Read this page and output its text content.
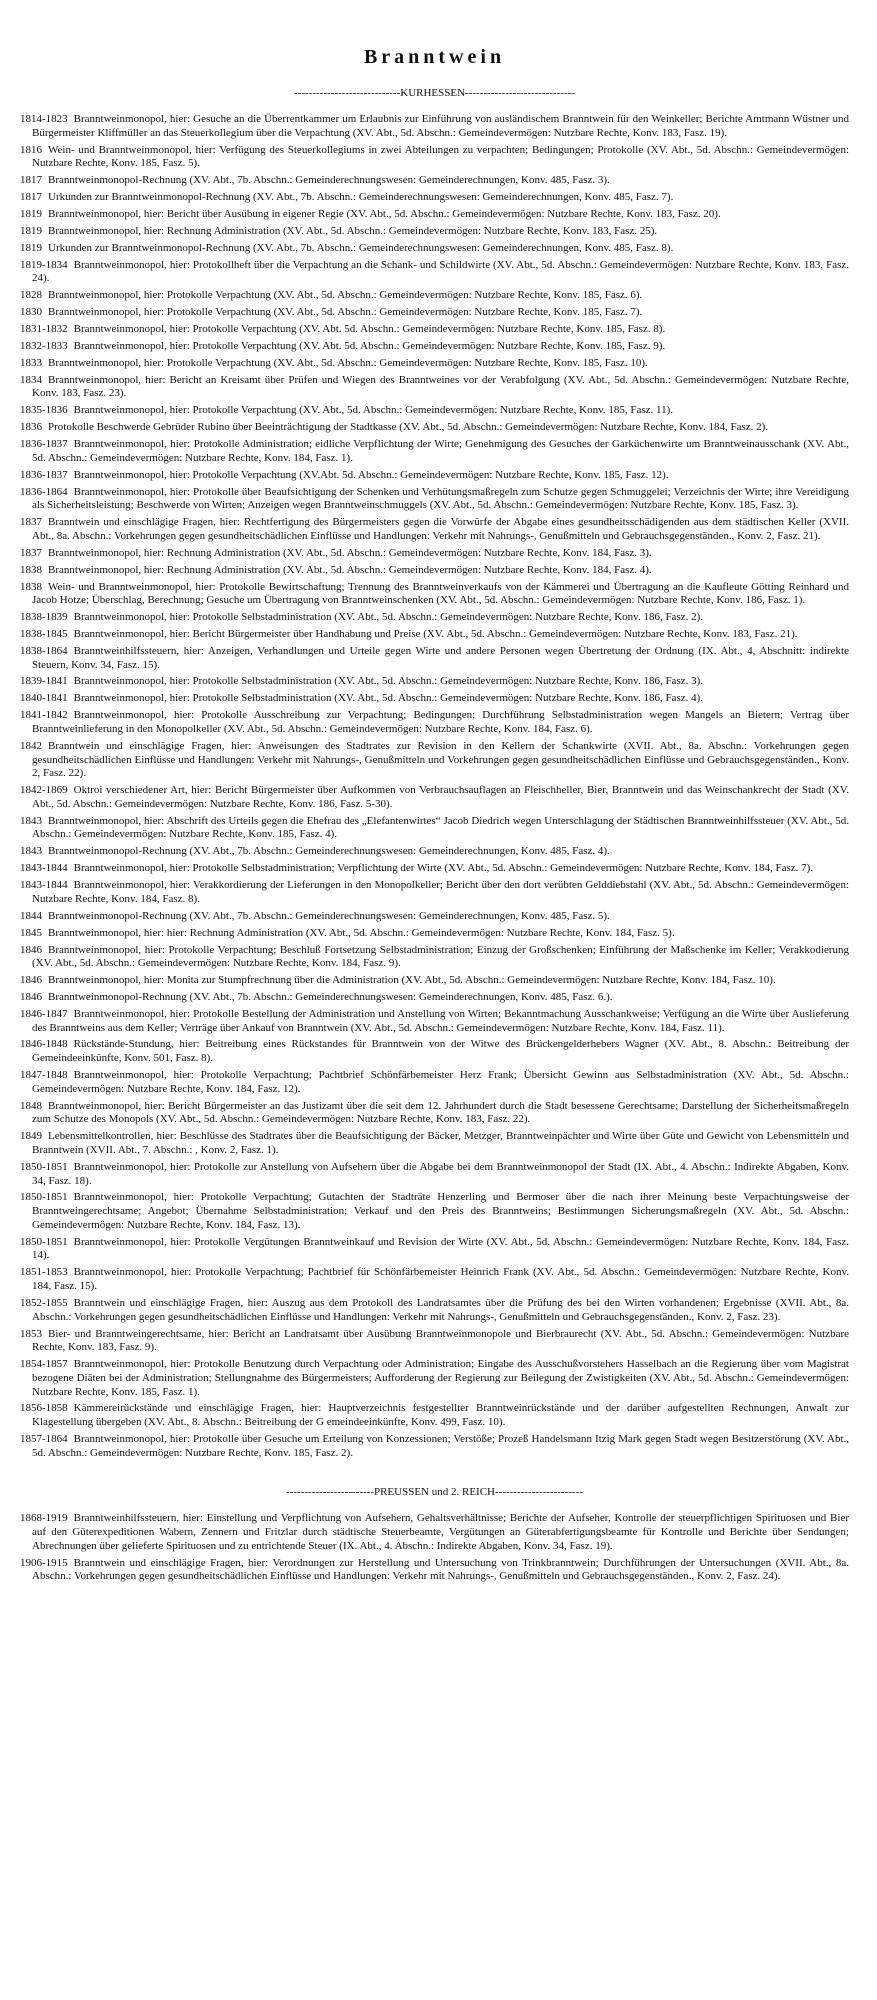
Branntwein
-----------------------------KURHESSEN------------------------------

1814-1823 Branntweinmonopol, hier: Gesuche an die Überrentkammer um Erlaubnis zur Einführung von ausländischem Branntwein für den Weinkeller; Berichte Amtmann Wüstner und Bürgermeister Kliffmüller an das Steuerkollegium über die Verpachtung (XV. Abt., 5d. Abschn.: Gemeindevermögen: Nutzbare Rechte, Konv. 183, Fasz. 19).

1816 Wein- und Branntweinmonopol, hier: Verfügung des Steuerkollegiums in zwei Abteilungen zu verpachten; Bedingungen; Protokolle (XV. Abt., 5d. Abschn.: Gemeindevermögen: Nutzbare Rechte, Konv. 185, Fasz. 5).

1817 Branntweinmonopol-Rechnung (XV. Abt., 7b. Abschn.: Gemeinderechnungswesen: Gemeinderechnungen, Konv. 485, Fasz. 3).

1817 Urkunden zur Branntweinmonopol-Rechnung (XV. Abt., 7b. Abschn.: Gemeinderechnungswesen: Gemeinderechnungen, Konv. 485, Fasz. 7).

1819 Branntweinmonopol, hier: Bericht über Ausübung in eigener Regie (XV. Abt., 5d. Abschn.: Gemeindevermögen: Nutzbare Rechte, Konv. 183, Fasz. 20).

1819 Branntweinmonopol, hier: Rechnung Administration (XV. Abt., 5d. Abschn.: Gemeindevermögen: Nutzbare Rechte, Konv. 183, Fasz. 25).

1819 Urkunden zur Branntweinmonopol-Rechnung (XV. Abt., 7b. Abschn.: Gemeinderechnungswesen: Gemeinderechnungen, Konv. 485, Fasz. 8).

1819-1834 Branntweinmonopol, hier: Protokollheft über die Verpachtung an die Schank- und Schildwirte (XV. Abt., 5d. Abschn.: Gemeindevermögen: Nutzbare Rechte, Konv. 183, Fasz. 24).

1828 Branntweinmonopol, hier: Protokolle Verpachtung (XV. Abt., 5d. Abschn.: Gemeindevermögen: Nutzbare Rechte, Konv. 185, Fasz. 6).

1830 Branntweinmonopol, hier: Protokolle Verpachtung (XV. Abt., 5d. Abschn.: Gemeindevermögen: Nutzbare Rechte, Konv. 185, Fasz. 7).

1831-1832 Branntweinmonopol, hier: Protokolle Verpachtung (XV. Abt. 5d. Abschn.: Gemeindevermögen: Nutzbare Rechte, Konv. 185, Fasz. 8).

1832-1833 Branntweinmonopol, hier: Protokolle Verpachtung (XV. Abt. 5d. Abschn.: Gemeindevermögen: Nutzbare Rechte, Konv. 185, Fasz. 9).

1833 Branntweinmonopol, hier: Protokolle Verpachtung (XV. Abt., 5d. Abschn.: Gemeindevermögen: Nutzbare Rechte, Konv. 185, Fasz. 10).

1834 Branntweinmonopol, hier: Bericht an Kreisamt über Prüfen und Wiegen des Branntweines vor der Verabfolgung (XV. Abt., 5d. Abschn.: Gemeindevermögen: Nutzbare Rechte, Konv. 183, Fasz. 23).

1835-1836 Branntweinmonopol, hier: Protokolle Verpachtung (XV. Abt., 5d. Abschn.: Gemeindevermögen: Nutzbare Rechte, Konv. 185, Fasz. 11).

1836 Protokolle Beschwerde Gebrüder Rubino über Beeinträchtigung der Stadtkasse (XV. Abt., 5d. Abschn.: Gemeindevermögen: Nutzbare Rechte, Konv. 184, Fasz. 2).

1836-1837 Branntweinmonopol, hier: Protokolle Administration; eidliche Verpflichtung der Wirte; Genehmigung des Gesuches der Garküchenwirte um Branntweinausschank (XV. Abt., 5d. Abschn.: Gemeindevermögen: Nutzbare Rechte, Konv. 184, Fasz. 1).

1836-1837 Branntweinmonopol, hier: Protokolle Verpachtung (XV.Abt. 5d. Abschn.: Gemeindevermögen: Nutzbare Rechte, Konv. 185, Fasz. 12).

1836-1864 Branntweinmonopol, hier: Protokolle über Beaufsichtigung der Schenken und Verhütungsmaßregeln zum Schutze gegen Schmuggelei; Verzeichnis der Wirte; ihre Vereidigung als Sicherheitsleistung; Beschwerde von Wirten; Anzeigen wegen Branntweinschmuggels (XV. Abt., 5d. Abschn.: Gemeindevermögen: Nutzbare Rechte, Konv. 185, Fasz. 3).

1837 Branntwein und einschlägige Fragen, hier: Rechtfertigung des Bürgermeisters gegen die Vorwürfe der Abgabe eines gesundheitsschädigenden aus dem städtischen Keller (XVII. Abt., 8a. Abschn.: Vorkehrungen gegen gesundheitschädlichen Einflüsse und Handlungen: Verkehr mit Nahrungs-, Genußmitteln und Gebrauchsgegenständen., Konv. 2, Fasz. 21).

1837 Branntweinmonopol, hier: Rechnung Administration (XV. Abt., 5d. Abschn.: Gemeindevermögen: Nutzbare Rechte, Konv. 184, Fasz. 3).

1838 Branntweinmonopol, hier: Rechnung Administration (XV. Abt., 5d. Abschn.: Gemeindevermögen: Nutzbare Rechte, Konv. 184, Fasz. 4).

1838 Wein- und Branntweinmonopol, hier: Protokolle Bewirtschaftung; Trennung des Branntweinverkaufs von der Kämmerei und Übertragung an die Kaufleute Götting Reinhard und Jacob Hotze; Überschlag, Berechnung; Gesuche um Übertragung von Branntweinschenken (XV. Abt., 5d. Abschn.: Gemeindevermögen: Nutzbare Rechte, Konv. 186, Fasz. 1).

1838-1839 Branntweinmonopol, hier: Protokolle Selbstadministration (XV. Abt., 5d. Abschn.: Gemeindevermögen: Nutzbare Rechte, Konv. 186, Fasz. 2).

1838-1845 Branntweinmonopol, hier: Bericht Bürgermeister über Handhabung und Preise (XV. Abt., 5d. Abschn.: Gemeindevermögen: Nutzbare Rechte, Konv. 183, Fasz. 21).

1838-1864 Branntweinhilfssteuern, hier: Anzeigen, Verhandlungen und Urteile gegen Wirte und andere Personen wegen Übertretung der Ordnung (IX. Abt., 4, Abschnitt: indirekte Steuern, Konv. 34, Fasz. 15).

1839-1841 Branntweinmonopol, hier: Protokolle Selbstadministration (XV. Abt., 5d. Abschn.: Gemeindevermögen: Nutzbare Rechte, Konv. 186, Fasz. 3).

1840-1841 Branntweinmonopol, hier: Protokolle Selbstadministration (XV. Abt., 5d. Abschn.: Gemeindevermögen: Nutzbare Rechte, Konv. 186, Fasz. 4).

1841-1842 Branntweinmonopol, hier: Protokolle Ausschreibung zur Verpachtung; Bedingungen; Durchführung Selbstadministration wegen Mangels an Bietern; Vertrag über Branntweinlieferung in den Monopolkeller (XV. Abt., 5d. Abschn.: Gemeindevermögen: Nutzbare Rechte, Konv. 184, Fasz. 6).

1842 Branntwein und einschlägige Fragen, hier: Anweisungen des Stadtrates zur Revision in den Kellern der Schankwirte (XVII. Abt., 8a. Abschn.: Vorkehrungen gegen gesundheitschädlichen Einflüsse und Handlungen: Verkehr mit Nahrungs-, Genußmitteln und Vorkehrungen gegen gesundheitschädlichen Einflüsse und Gebrauchsgegenständen., Konv. 2, Fasz. 22).

1842-1869 Oktroi verschiedener Art, hier: Bericht Bürgermeister über Aufkommen von Verbrauchsauflagen an Fleischheller, Bier, Branntwein und das Weinschankrecht der Stadt (XV. Abt., 5d. Abschn.: Gemeindevermögen: Nutzbare Rechte, Konv. 186, Fasz. 5-30).

1843 Branntweinmonopol, hier: Abschrift des Urteils gegen die Ehefrau des „Elefantenwirtes“ Jacob Diedrich wegen Unterschlagung der Städtischen Branntweinhilfssteuer (XV. Abt., 5d. Abschn.: Gemeindevermögen: Nutzbare Rechte, Konv. 185, Fasz. 4).

1843 Branntweinmonopol-Rechnung (XV. Abt., 7b. Abschn.: Gemeinderechnungswesen: Gemeinderechnungen, Konv. 485, Fasz. 4).

1843-1844 Branntweinmonopol, hier: Protokolle Selbstadministration; Verpflichtung der Wirte (XV. Abt., 5d. Abschn.: Gemeindevermögen: Nutzbare Rechte, Konv. 184, Fasz. 7).

1843-1844 Branntweinmonopol, hier: Verakkordierung der Lieferungen in den Monopolkeller; Bericht über den dort verübten Gelddiebstahl (XV. Abt., 5d. Abschn.: Gemeindevermögen: Nutzbare Rechte, Konv. 184, Fasz. 8).

1844 Branntweinmonopol-Rechnung (XV. Abt., 7b. Abschn.: Gemeinderechnungswesen: Gemeinderechnungen, Konv. 485, Fasz. 5).

1845 Branntweinmonopol, hier: hier: Rechnung Administration (XV. Abt., 5d. Abschn.: Gemeindevermögen: Nutzbare Rechte, Konv. 184, Fasz. 5).

1846 Branntweinmonopol, hier: Protokolle Verpachtung; Beschluß Fortsetzung Selbstadministration; Einzug der Großschenken; Einführung der Maßschenke im Keller; Verakkodierung (XV. Abt., 5d. Abschn.: Gemeindevermögen: Nutzbare Rechte, Konv. 184, Fasz. 9).

1846 Branntweinmonopol, hier: Monita zur Stumpfrechnung über die Administration (XV. Abt., 5d. Abschn.: Gemeindevermögen: Nutzbare Rechte, Konv. 184, Fasz. 10).

1846 Branntweinmonopol-Rechnung (XV. Abt., 7b. Abschn.: Gemeinderechnungswesen: Gemeinderechnungen, Konv. 485, Fasz. 6.).

1846-1847 Branntweinmonopol, hier: Protokolle Bestellung der Administration und Anstellung von Wirten; Bekanntmachung Ausschankweise; Verfügung an die Wirte über Auslieferung des Branntweins aus dem Keller; Verträge über Ankauf von Branntwein (XV. Abt., 5d. Abschn.: Gemeindevermögen: Nutzbare Rechte, Konv. 184, Fasz. 11).

1846-1848 Rückstände-Stundung, hier: Beitreibung eines Rückstandes für Branntwein von der Witwe des Brückengelderhebers Wagner (XV. Abt., 8. Abschn.: Beitreibung der Gemeindeeinkünfte, Konv. 501, Fasz. 8).

1847-1848 Branntweinmonopol, hier: Protokolle Verpachtung; Pachtbrief Schönfärbemeister Herz Frank; Übersicht Gewinn aus Selbstadministration (XV. Abt., 5d. Abschn.: Gemeindevermögen: Nutzbare Rechte, Konv. 184, Fasz. 12).

1848 Branntweinmonopol, hier: Bericht Bürgermeister an das Justizamt über die seit dem 12. Jahrhundert durch die Stadt besessene Gerechtsame; Darstellung der Sicherheitsmaßregeln zum Schutze des Monopols (XV. Abt., 5d. Abschn.: Gemeindevermögen: Nutzbare Rechte, Konv. 183, Fasz. 22).

1849 Lebensmittelkontrollen, hier: Beschlüsse des Stadtrates über die Beaufsichtigung der Bäcker, Metzger, Branntweinpächter und Wirte über Güte und Gewicht von Lebensmitteln und Branntwein (XVII. Abt., 7. Abschn.: , Konv. 2, Fasz. 1).

1850-1851 Branntweinmonopol, hier: Protokolle zur Anstellung von Aufsehern über die Abgabe bei dem Branntweinmonopol der Stadt (IX. Abt., 4. Abschn.: Indirekte Abgaben, Konv. 34, Fasz. 18).

1850-1851 Branntweinmonopol, hier: Protokolle Verpachtung; Gutachten der Stadträte Henzerling und Bermoser über die nach ihrer Meinung beste Verpachtungsweise der Branntweingerechtsame; Angebot; Übernahme Selbstadministration; Verkauf und den Preis des Branntweins; Bestimmungen Sicherungsmaßregeln (XV. Abt., 5d. Abschn.: Gemeindevermögen: Nutzbare Rechte, Konv. 184, Fasz. 13).

1850-1851 Branntweinmonopol, hier: Protokolle Vergütungen Branntweinkauf und Revision der Wirte (XV. Abt., 5d. Abschn.: Gemeindevermögen: Nutzbare Rechte, Konv. 184, Fasz. 14).

1851-1853 Branntweinmonopol, hier: Protokolle Verpachtung; Pachtbrief für Schönfärbemeister Heinrich Frank (XV. Abt., 5d. Abschn.: Gemeindevermögen: Nutzbare Rechte, Konv. 184, Fasz. 15).

1852-1855 Branntwein und einschlägige Fragen, hier: Auszug aus dem Protokoll des Landratsamtes über die Prüfung des bei den Wirten vorhandenen; Ergebnisse (XVII. Abt., 8a. Abschn.: Vorkehrungen gegen gesundheitschädlichen Einflüsse und Handlungen: Verkehr mit Nahrungs-, Genußmitteln und Gebrauchsgegenständen., Konv. 2, Fasz. 23).

1853 Bier- und Branntweingerechtsame, hier: Bericht an Landratsamt über Ausübung Branntweinmonopole und Bierbraurecht (XV. Abt., 5d. Abschn.: Gemeindevermögen: Nutzbare Rechte, Konv. 183, Fasz. 9).

1854-1857 Branntweinmonopol, hier: Protokolle Benutzung durch Verpachtung oder Administration; Eingabe des Ausschußvorstehers Hasselbach an die Regierung über vom Magistrat bezogene Diäten bei der Administration; Stellungnahme des Bürgermeisters; Aufforderung der Regierung zur Beilegung der Zwistigkeiten (XV. Abt., 5d. Abschn.: Gemeindevermögen: Nutzbare Rechte, Konv. 185, Fasz. 1).

1856-1858 Kämmereirückstände und einschlägige Fragen, hier: Hauptverzeichnis festgestellter Branntweinrückstände und der darüber aufgestellten Rechnungen, Anwalt zur Klagestellung übergeben (XV. Abt., 8. Abschn.: Beitreibung der G emeindeeinkünfte, Konv. 499, Fasz. 10).

1857-1864 Branntweinmonopol, hier: Protokolle über Gesuche um Erteilung von Konzessionen; Verstöße; Prozeß Handelsmann Itzig Mark gegen Stadt wegen Besitzerstörung (XV. Abt., 5d. Abschn.: Gemeindevermögen: Nutzbare Rechte, Konv. 185, Fasz. 2).

------------------------PREUSSEN und 2. REICH------------------------

1868-1919 Branntweinhilfssteuern, hier: Einstellung und Verpflichtung von Aufsehern, Gehaltsverhältnisse; Berichte der Aufseher, Kontrolle der steuerpflichtigen Spirituosen und Bier auf den Güterexpeditionen Wabern, Zennern und Fritzlar durch städtische Steuerbeamte, Vergütungen an Güterabfertigungsbeamte für Kontrolle und Berichte über Sendungen; Abrechnungen über gelieferte Spirituosen und zu entrichtende Steuer (IX. Abt., 4. Abschn.: Indirekte Abgaben, Konv. 34, Fasz. 19).

1906-1915 Branntwein und einschlägige Fragen, hier: Verordnungen zur Herstellung und Untersuchung von Trinkbranntwein; Durchführungen der Untersuchungen (XVII. Abt., 8a. Abschn.: Vorkehrungen gegen gesundheitschädlichen Einflüsse und Handlungen: Verkehr mit Nahrungs-, Genußmitteln und Gebrauchsgegenständen., Konv. 2, Fasz. 24).
